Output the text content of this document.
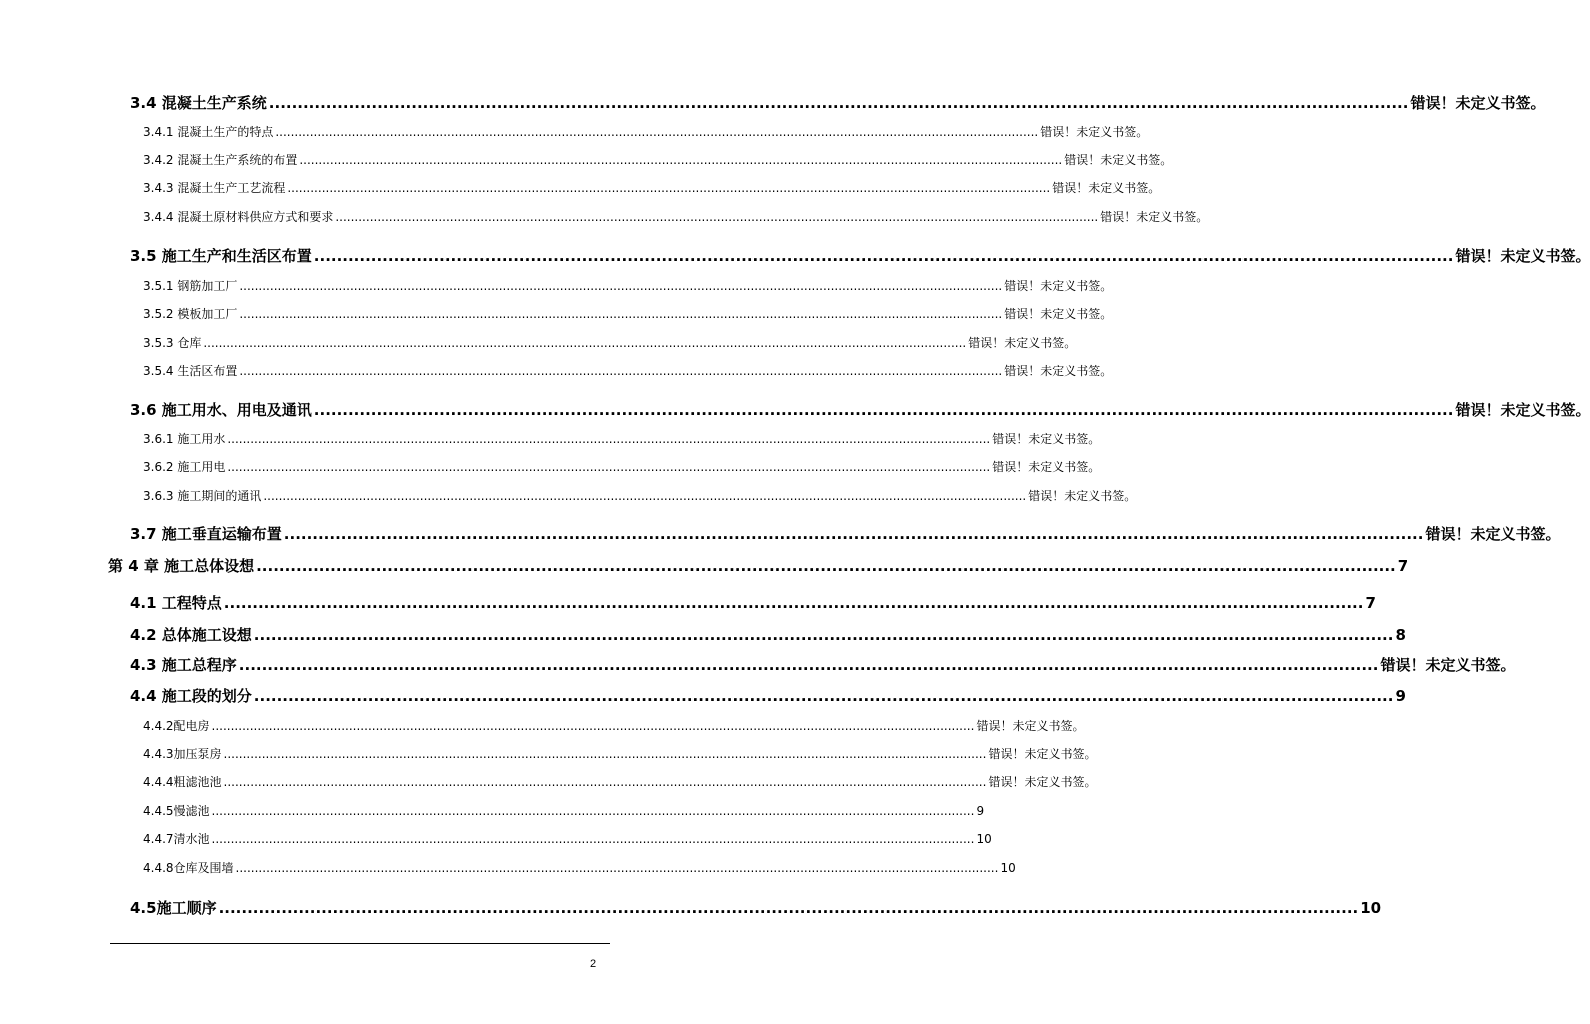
3.4 混凝土生产系统 ........................................................................................................................................................................................................ 错误！未定义书签。
3.4.1 混凝土生产的特点 ........................................................................................................................................................................................................ 错误！未定义书签。
3.4.2 混凝土生产系统的布置 ........................................................................................................................................................................................................ 错误！未定义书签。
3.4.3 混凝土生产工艺流程 ........................................................................................................................................................................................................ 错误！未定义书签。
3.4.4 混凝土原材料供应方式和要求 ........................................................................................................................................................................................................ 错误！未定义书签。
3.5 施工生产和生活区布置 ........................................................................................................................................................................................................ 错误！未定义书签。
3.5.1 钢筋加工厂 ........................................................................................................................................................................................................ 错误！未定义书签。
3.5.2 模板加工厂 ........................................................................................................................................................................................................ 错误！未定义书签。
3.5.3 仓库 ........................................................................................................................................................................................................ 错误！未定义书签。
3.5.4 生活区布置 ........................................................................................................................................................................................................ 错误！未定义书签。
3.6 施工用水、用电及通讯 ........................................................................................................................................................................................................ 错误！未定义书签。
3.6.1 施工用水 ........................................................................................................................................................................................................ 错误！未定义书签。
3.6.2 施工用电 ........................................................................................................................................................................................................ 错误！未定义书签。
3.6.3 施工期间的通讯 ........................................................................................................................................................................................................ 错误！未定义书签。
3.7 施工垂直运输布置 ........................................................................................................................................................................................................ 错误！未定义书签。
第 4 章 施工总体设想 ........................................................................................................................................................................................................ 7
4.1 工程特点 ........................................................................................................................................................................................................ 7
4.2 总体施工设想 ........................................................................................................................................................................................................ 8
4.3 施工总程序 ........................................................................................................................................................................................................ 错误！未定义书签。
4.4 施工段的划分 ........................................................................................................................................................................................................ 9
4.4.2配电房 ........................................................................................................................................................................................................ 错误！未定义书签。
4.4.3加压泵房 ........................................................................................................................................................................................................ 错误！未定义书签。
4.4.4粗滤池池 ........................................................................................................................................................................................................ 错误！未定义书签。
4.4.5慢滤池 ........................................................................................................................................................................................................ 9
4.4.7清水池 ........................................................................................................................................................................................................ 10
4.4.8仓库及围墙 ........................................................................................................................................................................................................ 10
4.5施工顺序 ........................................................................................................................................................................................................ 10
2
